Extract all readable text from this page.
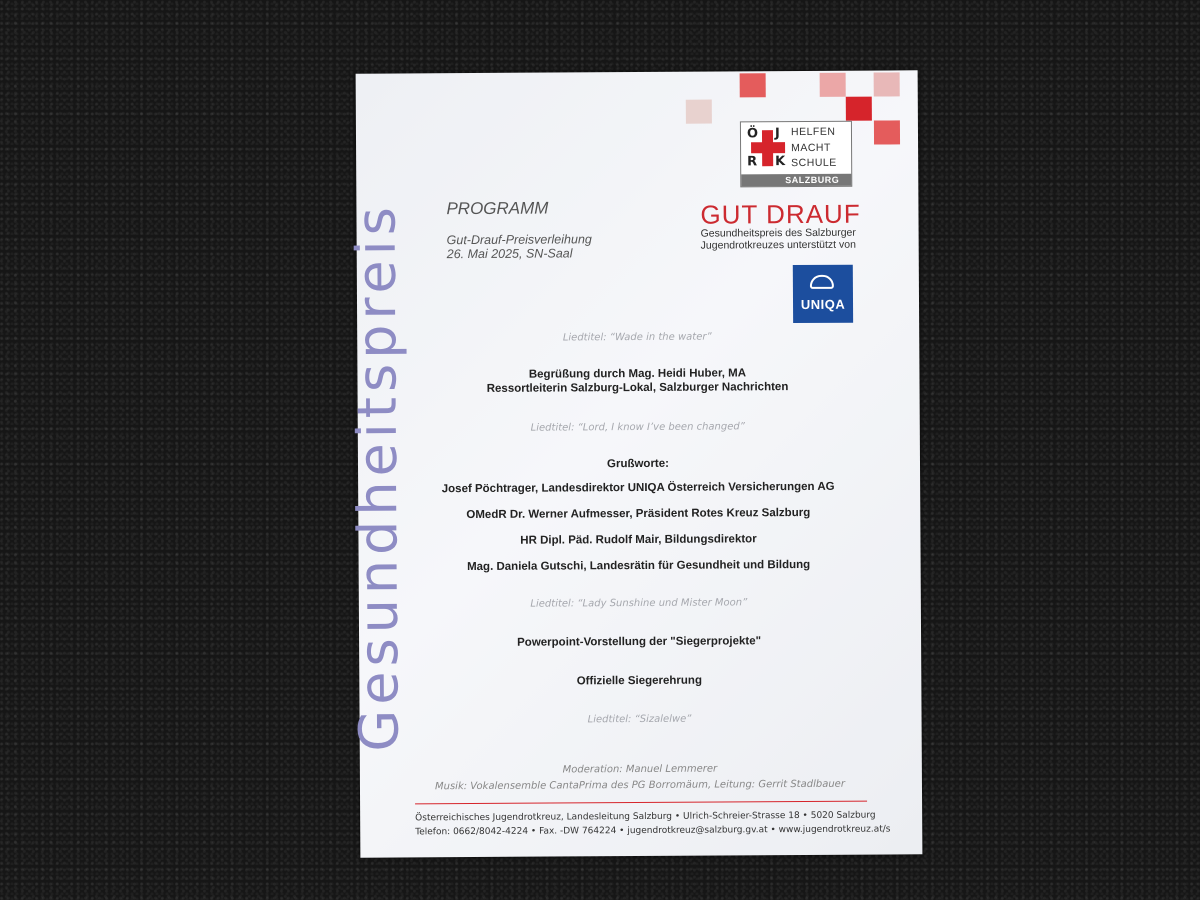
Gesundheitspreis
Ö J
R K
HELFEN
MACHT
SCHULE
SALZBURG
GUT DRAUF
Gesundheitspreis des Salzburger
Jugendrotkreuzes unterstützt von
UNIQA
PROGRAMM
Gut-Drauf-Preisverleihung
26. Mai 2025, SN-Saal
Liedtitel: “Wade in the water”
Begrüßung durch Mag. Heidi Huber, MA
Ressortleiterin Salzburg-Lokal, Salzburger Nachrichten
Liedtitel: “Lord, I know I’ve been changed”
Grußworte:
Josef Pöchtrager, Landesdirektor UNIQA Österreich Versicherungen AG
OMedR Dr. Werner Aufmesser, Präsident Rotes Kreuz Salzburg
HR Dipl. Päd. Rudolf Mair, Bildungsdirektor
Mag. Daniela Gutschi, Landesrätin für Gesundheit und Bildung
Liedtitel: “Lady Sunshine und Mister Moon”
Powerpoint-Vorstellung der "Siegerprojekte"
Offizielle Siegerehrung
Liedtitel: “Sizalelwe”
Moderation: Manuel Lemmerer
Musik: Vokalensemble CantaPrima des PG Borromäum, Leitung: Gerrit Stadlbauer
Österreichisches Jugendrotkreuz, Landesleitung Salzburg • Ulrich-Schreier-Strasse 18 • 5020 Salzburg
Telefon: 0662/8042-4224 • Fax. -DW 764224 • jugendrotkreuz@salzburg.gv.at • www.jugendrotkreuz.at/s
